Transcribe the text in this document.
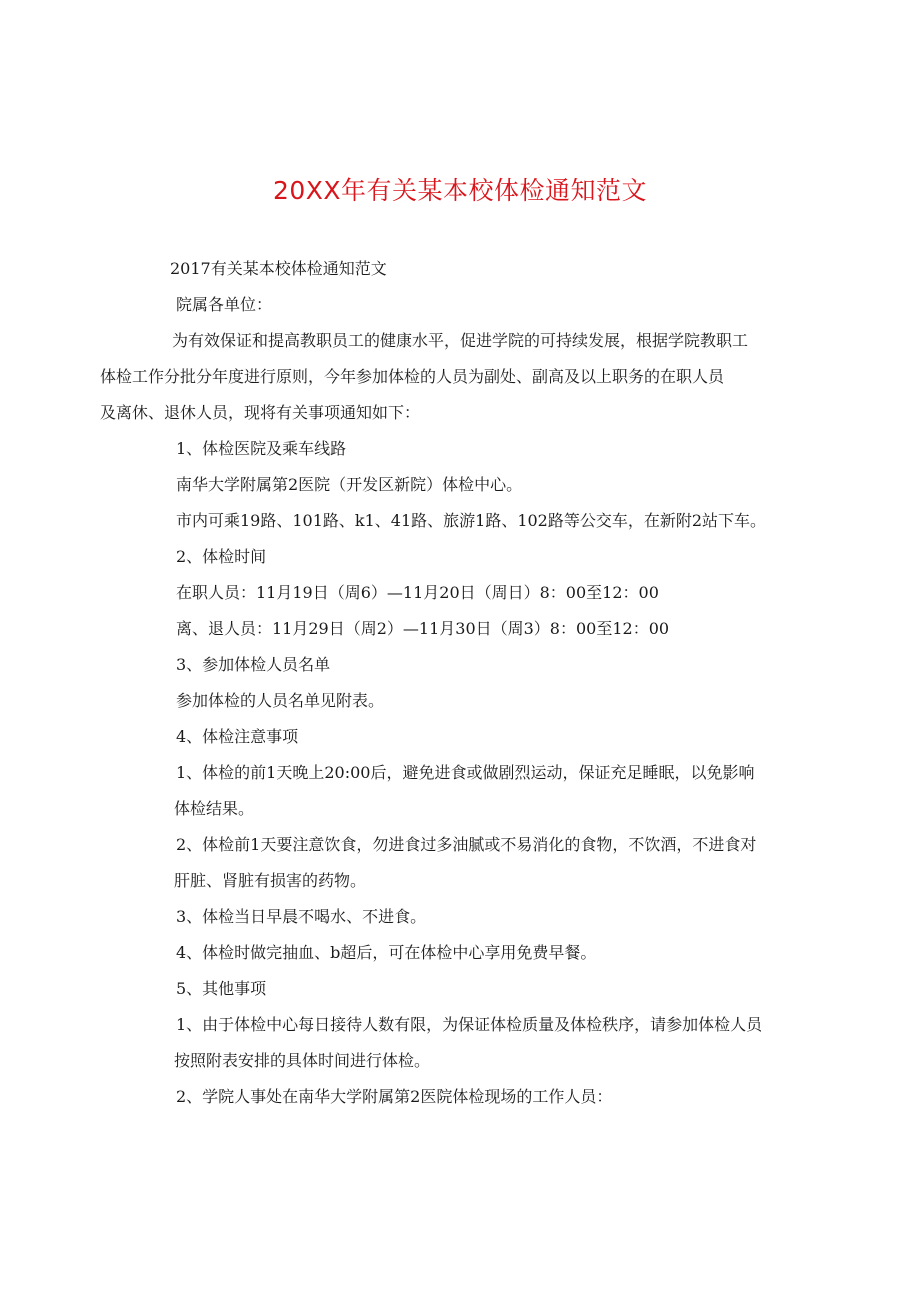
20XX年有关某本校体检通知范文

2017有关某本校体检通知范文

院属各单位：

为有效保证和提高教职员工的健康水平，促进学院的可持续发展，根据学院教职工
体检工作分批分年度进行原则，今年参加体检的人员为副处、副高及以上职务的在职人员
及离休、退休人员，现将有关事项通知如下：

1、体检医院及乘车线路

南华大学附属第2医院（开发区新院）体检中心。

市内可乘19路、101路、k1、41路、旅游1路、102路等公交车，在新附2站下车。

2、体检时间

在职人员：11月19日（周6）—11月20日（周日）8：00至12：00

离、退人员：11月29日（周2）—11月30日（周3）8：00至12：00

3、参加体检人员名单

参加体检的人员名单见附表。

4、体检注意事项

1、体检的前1天晚上20:00后，避免进食或做剧烈运动，保证充足睡眠，以免影响
体检结果。
2、体检前1天要注意饮食，勿进食过多油腻或不易消化的食物，不饮酒，不进食对
肝脏、肾脏有损害的药物。

3、体检当日早晨不喝水、不进食。

4、体检时做完抽血、b超后，可在体检中心享用免费早餐。

5、其他事项

1、由于体检中心每日接待人数有限，为保证体检质量及体检秩序，请参加体检人员
按照附表安排的具体时间进行体检。

2、学院人事处在南华大学附属第2医院体检现场的工作人员：
